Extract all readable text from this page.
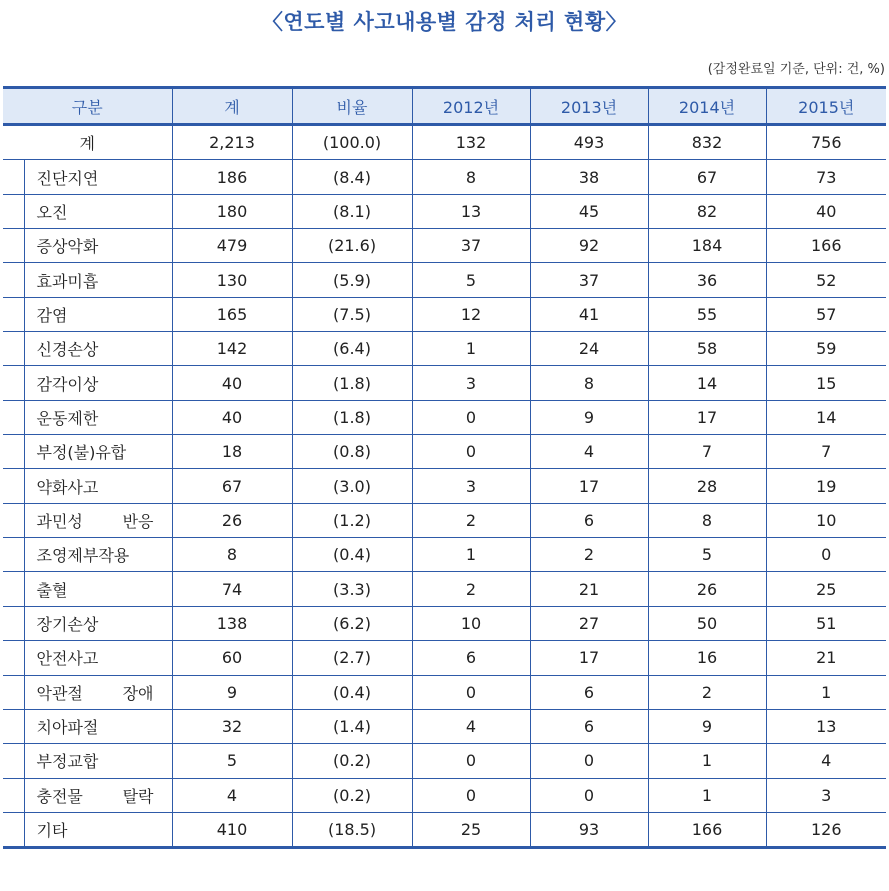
〈연도별 사고내용별 감정 처리 현황〉
(감정완료일 기준, 단위: 건, %)
구분		계	비율	2012년	2013년	2014년	2015년
계		2,213	(100.0)	132	493	832	756
	진단지연	186	(8.4)	8	38	67	73
	오진	180	(8.1)	13	45	82	40
	증상악화	479	(21.6)	37	92	184	166
	효과미흡	130	(5.9)	5	37	36	52
	감염	165	(7.5)	12	41	55	57
	신경손상	142	(6.4)	1	24	58	59
	감각이상	40	(1.8)	3	8	14	15
	운동제한	40	(1.8)	0	9	17	14
	부정(불)유합	18	(0.8)	0	4	7	7
	약화사고	67	(3.0)	3	17	28	19
	과민성 반응	26	(1.2)	2	6	8	10
	조영제부작용	8	(0.4)	1	2	5	0
	출혈	74	(3.3)	2	21	26	25
	장기손상	138	(6.2)	10	27	50	51
	안전사고	60	(2.7)	6	17	16	21
	악관절 장애	9	(0.4)	0	6	2	1
	치아파절	32	(1.4)	4	6	9	13
	부정교합	5	(0.2)	0	0	1	4
	충전물 탈락	4	(0.2)	0	0	1	3
	기타	410	(18.5)	25	93	166	126
